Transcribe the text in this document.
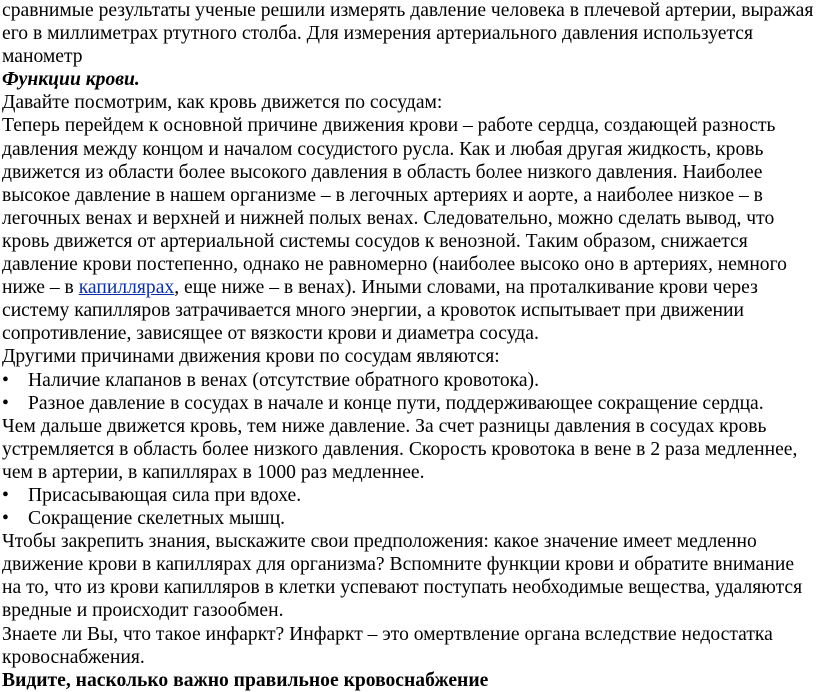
сравнимые результаты ученые решили измерять давление человека в плечевой артерии, выражая его в миллиметрах ртутного столба. Для измерения артериального давления используется манометр

Функции крови.

Давайте посмотрим, как кровь движется по сосудам:

Теперь перейдем к основной причине движения крови – работе сердца, создающей разность давления между концом и началом сосудистого русла. Как и любая другая жидкость, кровь движется из области более высокого давления в область более низкого давления. Наиболее высокое давление в нашем организме – в легочных артериях и аорте, а наиболее низкое – в легочных венах и верхней и нижней полых венах. Следовательно, можно сделать вывод, что кровь движется от артериальной системы сосудов к венозной. Таким образом, снижается давление крови постепенно, однако не равномерно (наиболее высоко оно в артериях, немного ниже – в капиллярах, еще ниже – в венах). Иными словами, на проталкивание крови через систему капилляров затрачивается много энергии, а кровоток испытывает при движении сопротивление, зависящее от вязкости крови и диаметра сосуда.

Другими причинами движения крови по сосудам являются:

• Наличие клапанов в венах (отсутствие обратного кровотока).
• Разное давление в сосудах в начале и конце пути, поддерживающее сокращение сердца.

Чем дальше движется кровь, тем ниже давление. За счет разницы давления в сосудах кровь устремляется в область более низкого давления. Скорость кровотока в вене в 2 раза медленнее, чем в артерии, в капиллярах в 1000 раз медленнее.

• Присасывающая сила при вдохе.
• Сокращение скелетных мышц.

Чтобы закрепить знания, выскажите свои предположения: какое значение имеет медленно движение крови в капиллярах для организма? Вспомните функции крови и обратите внимание на то, что из крови капилляров в клетки успевают поступать необходимые вещества, удаляются вредные и происходит газообмен.

Знаете ли Вы, что такое инфаркт? Инфаркт – это омертвление органа вследствие недостатка кровоснабжения.

Видите, насколько важно правильное кровоснабжение
